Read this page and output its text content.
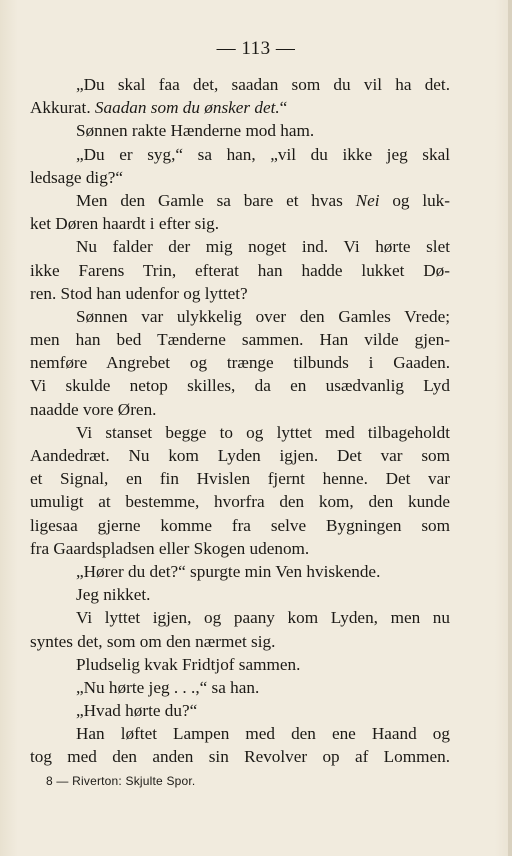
— 113 —
„Du skal faa det, saadan som du vil ha det.
Akkurat. Saadan som du ønsker det.“
Sønnen rakte Hænderne mod ham.
„Du er syg,“ sa han, „vil du ikke jeg skal
ledsage dig?“
Men den Gamle sa bare et hvas Nei og luk-
ket Døren haardt i efter sig.
Nu falder der mig noget ind. Vi hørte slet
ikke Farens Trin, efterat han hadde lukket Dø-
ren. Stod han udenfor og lyttet?
Sønnen var ulykkelig over den Gamles Vrede;
men han bed Tænderne sammen. Han vilde gjen-
nemføre Angrebet og trænge tilbunds i Gaaden.
Vi skulde netop skilles, da en usædvanlig Lyd
naadde vore Øren.
Vi stanset begge to og lyttet med tilbageholdt
Aandedræt. Nu kom Lyden igjen. Det var som
et Signal, en fin Hvislen fjernt henne. Det var
umuligt at bestemme, hvorfra den kom, den kunde
ligesaa gjerne komme fra selve Bygningen som
fra Gaardspladsen eller Skogen udenom.
„Hører du det?“ spurgte min Ven hviskende.
Jeg nikket.
Vi lyttet igjen, og paany kom Lyden, men nu
syntes det, som om den nærmet sig.
Pludselig kvak Fridtjof sammen.
„Nu hørte jeg . . .,“ sa han.
„Hvad hørte du?“
Han løftet Lampen med den ene Haand og
tog med den anden sin Revolver op af Lommen.
8 — Riverton: Skjulte Spor.
